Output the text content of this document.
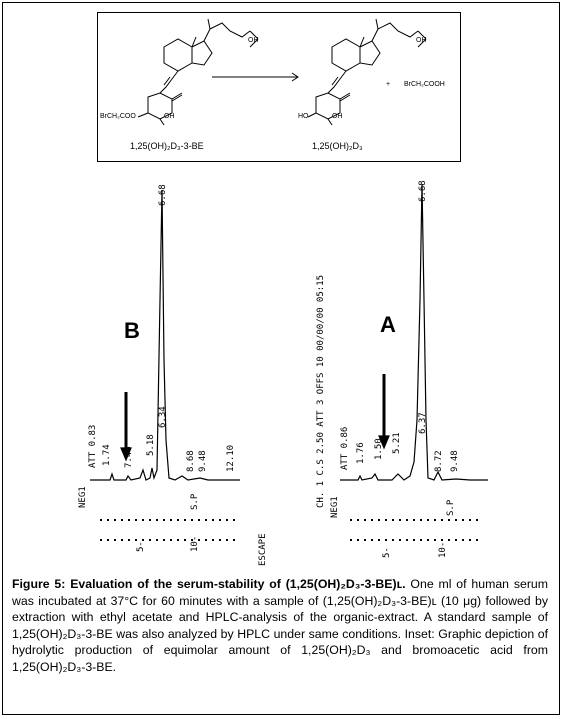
OH	OH
BrCH₂COO	OH	HO	OH
+ BrCH₂COOH
1,25(OH)₂D₃-3-BE	1,25(OH)₂D₃
B	A
6.68
6.34
5.18
7.46
1.74
ATT 0.83	8.68 9.48 12.10
NEG1
5-	10-
S.P
ESCAPE
6.68
6.37
5.21
1.50
1.76
ATT 0.86	8.72 9.48
CH. 1 C.S 2.50 ATT 3 OFFS 10 00/00/00 05:15 NEG1
5-	10-
S.P
Figure 5: Evaluation of the serum-stability of (1,25(OH)₂D₃-3-BE)ʟ. One ml of human serum was incubated at 37°C for 60 minutes with a sample of (1,25(OH)₂D₃-3-BE)ʟ (10 μg) followed by extraction with ethyl acetate and HPLC-analysis of the organic-extract. A standard sample of 1,25(OH)₂D₃-3-BE was also analyzed by HPLC under same conditions. Inset: Graphic depiction of hydrolytic production of equimolar amount of 1,25(OH)₂D₃ and bromoacetic acid from 1,25(OH)₂D₃-3-BE.
